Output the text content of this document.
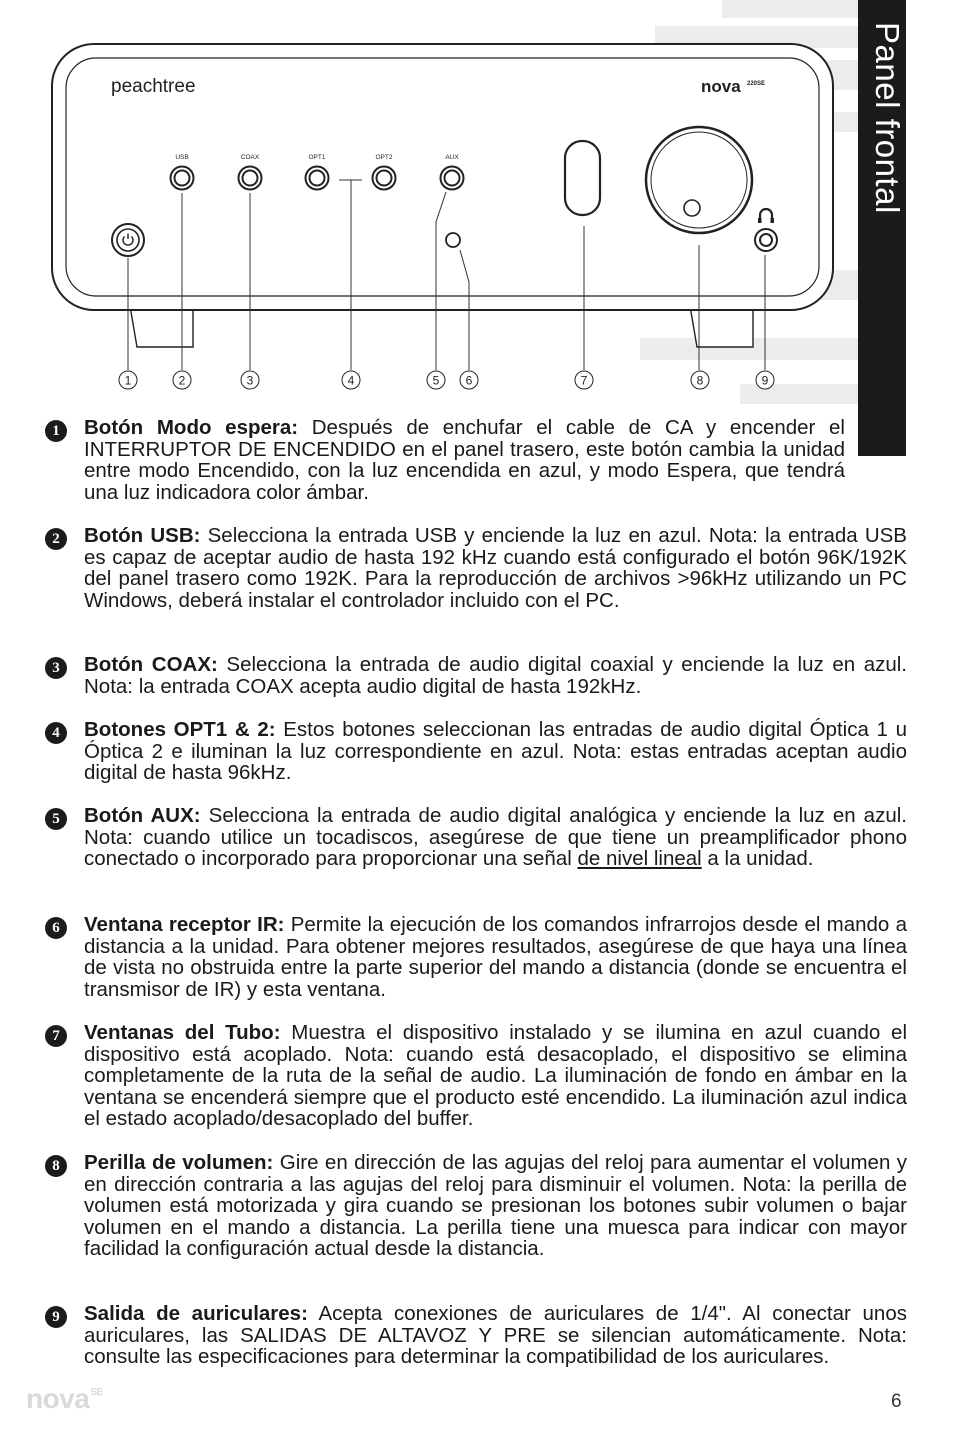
Panel frontal
peachtree	nova 220SE
USB	COAX	OPT1	OPT2	AUX
1	2	3	4	5 6	7	8	9
1	Botón Modo espera: Después de enchufar el cable de CA y encender el INTERRUPTOR DE ENCENDIDO en el panel trasero, este botón cambia la unidad entre modo Encendido, con la luz encendida en azul, y modo Espera, que tendrá una luz indicadora color ámbar.
2	Botón USB: Selecciona la entrada USB y enciende la luz en azul. Nota: la entrada USB es capaz de aceptar audio de hasta 192 kHz cuando está configurado el botón 96K/192K del panel trasero como 192K. Para la reproducción de archivos >96kHz utilizando un PC Windows, deberá instalar el controlador incluido con el PC.
3	Botón COAX: Selecciona la entrada de audio digital coaxial y enciende la luz en azul. Nota: la entrada COAX acepta audio digital de hasta 192kHz.
4	Botones OPT1 & 2: Estos botones seleccionan las entradas de audio digital Óptica 1 u Óptica 2 e iluminan la luz correspondiente en azul. Nota: estas entradas aceptan audio digital de hasta 96kHz.
5	Botón AUX: Selecciona la entrada de audio digital analógica y enciende la luz en azul. Nota: cuando utilice un tocadiscos, asegúrese de que tiene un preamplificador phono conectado o incorporado para proporcionar una señal de nivel lineal a la unidad.
6	Ventana receptor IR: Permite la ejecución de los comandos infrarrojos desde el mando a distancia a la unidad. Para obtener mejores resultados, asegúrese de que haya una línea de vista no obstruida entre la parte superior del mando a distancia (donde se encuentra el transmisor de IR) y esta ventana.
7	Ventanas del Tubo: Muestra el dispositivo instalado y se ilumina en azul cuando el dispositivo está acoplado. Nota: cuando está desacoplado, el dispositivo se elimina completamente de la ruta de la señal de audio. La iluminación de fondo en ámbar en la ventana se encenderá siempre que el producto esté encendido. La iluminación azul indica el estado acoplado/desacoplado del buffer.
8	Perilla de volumen: Gire en dirección de las agujas del reloj para aumentar el volumen y en dirección contraria a las agujas del reloj para disminuir el volumen. Nota: la perilla de volumen está motorizada y gira cuando se presionan los botones subir volumen o bajar volumen en el mando a distancia. La perilla tiene una muesca para indicar con mayor facilidad la configuración actual desde la distancia.
9	Salida de auriculares: Acepta conexiones de auriculares de 1/4". Al conectar unos auriculares, las SALIDAS DE ALTAVOZ Y PRE se silencian automáticamente. Nota: consulte las especificaciones para determinar la compatibilidad de los auriculares.
nova$^{SE}$	6
